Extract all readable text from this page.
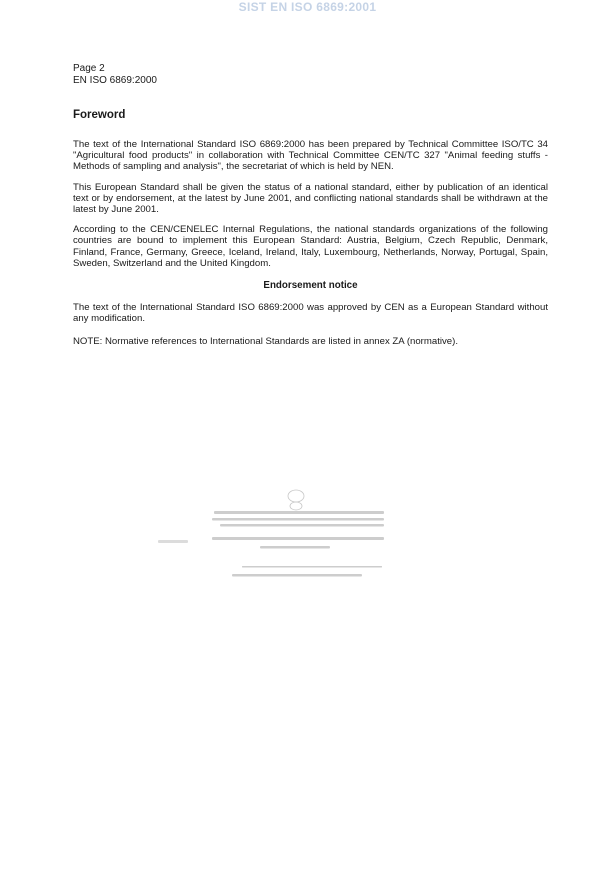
SIST EN ISO 6869:2001
Page 2
EN ISO 6869:2000
Foreword

The text of the International Standard ISO 6869:2000 has been prepared by Technical Committee ISO/TC 34 "Agricultural food products" in collaboration with Technical Committee CEN/TC 327 "Animal feeding stuffs - Methods of sampling and analysis", the secretariat of which is held by NEN.

This European Standard shall be given the status of a national standard, either by publication of an identical text or by endorsement, at the latest by June 2001, and conflicting national standards shall be withdrawn at the latest by June 2001.

According to the CEN/CENELEC Internal Regulations, the national standards organizations of the following countries are bound to implement this European Standard: Austria, Belgium, Czech Republic, Denmark, Finland, France, Germany, Greece, Iceland, Ireland, Italy, Luxembourg, Netherlands, Norway, Portugal, Spain, Sweden, Switzerland and the United Kingdom.

Endorsement notice

The text of the International Standard ISO 6869:2000 was approved by CEN as a European Standard without any modification.

NOTE: Normative references to International Standards are listed in annex ZA (normative).
